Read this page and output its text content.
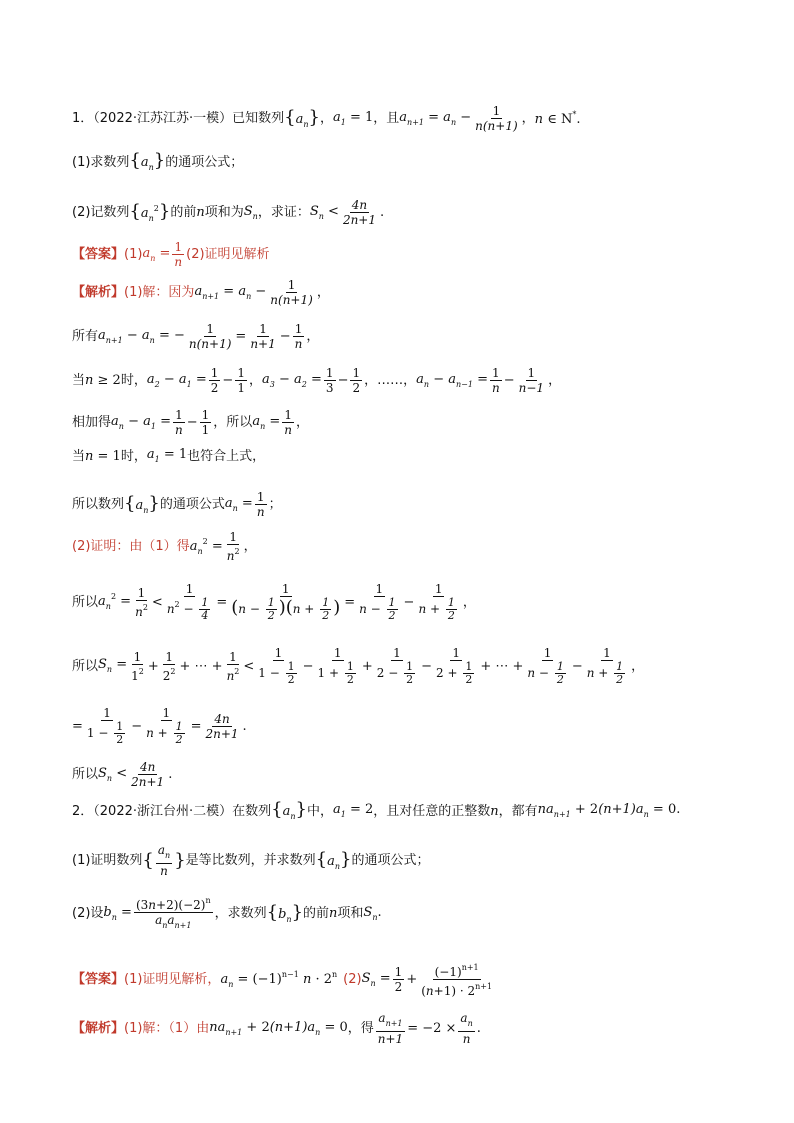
1．（2022·江苏江苏·一模）已知数列 $\{a_n\}$ ， $a_1 = 1$ ，且 $a_{n+1} = a_n - \frac{1}{n(n+1)}$ ， n ∈ N*.
(1)求数列 $\{a_n\}$ 的通项公式；
(2)记数列 $\{a_n^2\}$ 的前 n 项和为 $S_n$ ，求证： $S_n < \frac{4n}{2n+1}$ .
【答案】 (1) $a_n = \frac{1}{n} (2)$证明见解析
【解析】 (1)解：因为 $a_{n+1} = a_n - \frac{1}{n(n+1)}$ ，
所有 $a_{n+1} - a_n$ = − $\frac{1}{n(n+1)} = \frac{1}{n+1} - \frac{1}{n}$ ，
当 n ≥ 2 时， $a_2 - a_1 = \frac{1}{2} - \frac{1}{1}$ ， $a_3 - a_2 = \frac{1}{3} - \frac{1}{2}$ ， …… ， $a_n - a_{n-1} = \frac{1}{n} - \frac{1}{n-1}$ ，
相加得 $a_n - a_1 = \frac{1}{n} - \frac{1}{1}$ ，所以 $a_n = \frac{1}{n}$ ，
当 n = 1 时， $a_1 = 1$ 也符合上式，
所以数列 $\{a_n\}$ 的通项公式 $a_n = \frac{1}{n}$ ；
(2)证明：由（1）得 $a_n^2 = \frac{1}{n^2}$ ，
所以 $a_n^2 = \frac{1}{n^2} < \frac{1}{n^2 - \frac{1}{4}} = \frac{1}{(n - \frac{1}{2} )(n + \frac{1}{2} )} = \frac{1}{n - \frac{1}{2}} - \frac{1}{n + \frac{1}{2}}$ ，
所以 $S_n = \frac{1}{1^2} + \frac{1}{2^2}$ + ⋯ + $\frac{1}{n^2} < \frac{1}{1 - \frac{1}{2}} - \frac{1}{1 + \frac{1}{2}} + \frac{1}{2 - \frac{1}{2}} - \frac{1}{2 + \frac{1}{2}}$ + ⋯ + $\frac{1}{n - \frac{1}{2}} - \frac{1}{n + \frac{1}{2}}$ ，
= $\frac{1}{1 - \frac{1}{2}} - \frac{1}{n + \frac{1}{2}} = \frac{4n}{2n+1}$ .
所以 $S_n < \frac{4n}{2n+1}$ .
2．（2022·浙江台州·二模）在数列 $\{a_n\}$ 中， $a_1 = 2$ ，且对任意的正整数 n ，都有 $na_{n+1} + 2(n+1)a_n = 0$.
(1)证明数列 { $\frac{a_n}{n}$ } 是等比数列，并求数列 $\{a_n\}$ 的通项公式；
(2)设 $b_n = \frac{(3n+2)(-2)^n}{a_na_{n+1}}$ ，求数列 $\{b_n\}$ 的前 n 项和 $S_n$.
【答案】 (1)证明见解析， $a_n = (-1)^{n-1}$ $n \cdot 2^n$ (2) $S_n = \frac{1}{2} + \frac{(-1)^{n+1}}{(n+1) \cdot 2^{n+1}}$
【解析】 (1)解：（1）由 $na_{n+1} + 2(n+1)a_n = 0$ ，得 $\frac{a_{n+1}}{n+1} = -2 \times \frac{a_n}{n}$ .
